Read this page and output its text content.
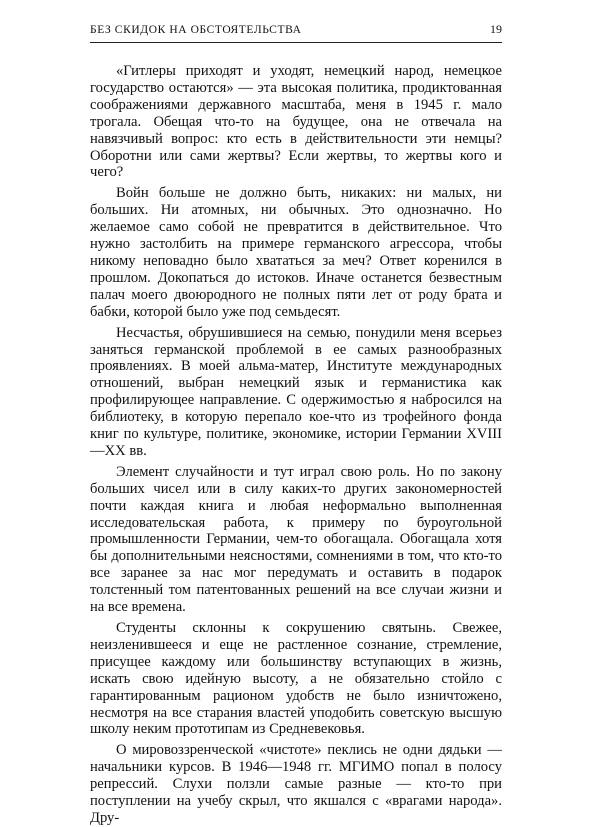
БЕЗ СКИДОК НА ОБСТОЯТЕЛЬСТВА	19

«Гитлеры приходят и уходят, немецкий народ, немецкое государство остаются» — эта высокая политика, продиктованная соображениями державного масштаба, меня в 1945 г. мало трогала. Обещая что-то на будущее, она не отвечала на навязчивый вопрос: кто есть в действительности эти немцы? Оборотни или сами жертвы? Если жертвы, то жертвы кого и чего?

Войн больше не должно быть, никаких: ни малых, ни больших. Ни атомных, ни обычных. Это однозначно. Но желаемое само собой не превратится в действительное. Что нужно застолбить на примере германского агрессора, чтобы никому неповадно было хвататься за меч? Ответ коренился в прошлом. Докопаться до истоков. Иначе останется безвестным палач моего двоюродного не полных пяти лет от роду брата и бабки, которой было уже под семьдесят.

Несчастья, обрушившиеся на семью, понудили меня всерьез заняться германской проблемой в ее самых разнообразных проявлениях. В моей альма-матер, Институте международных отношений, выбран немецкий язык и германистика как профилирующее направление. С одержимостью я набросился на библиотеку, в которую перепало кое-что из трофейного фонда книг по культуре, политике, экономике, истории Германии XVIII—XX вв.

Элемент случайности и тут играл свою роль. Но по закону больших чисел или в силу каких-то других закономерностей почти каждая книга и любая неформально выполненная исследовательская работа, к примеру по буроугольной промышленности Германии, чем-то обогащала. Обогащала хотя бы дополнительными неясностями, сомнениями в том, что кто-то все заранее за нас мог передумать и оставить в подарок толстенный том патентованных решений на все случаи жизни и на все времена.

Студенты склонны к сокрушению святынь. Свежее, неизленившееся и еще не растленное сознание, стремление, присущее каждому или большинству вступающих в жизнь, искать свою идейную высоту, а не обязательно стойло с гарантированным рационом удобств не было изничтожено, несмотря на все старания властей уподобить советскую высшую школу неким прототипам из Средневековья.

О мировоззренческой «чистоте» пеклись не одни дядьки — начальники курсов. В 1946—1948 гг. МГИМО попал в полосу репрессий. Слухи ползли самые разные — кто-то при поступлении на учебу скрыл, что якшался с «врагами народа». Дру-
